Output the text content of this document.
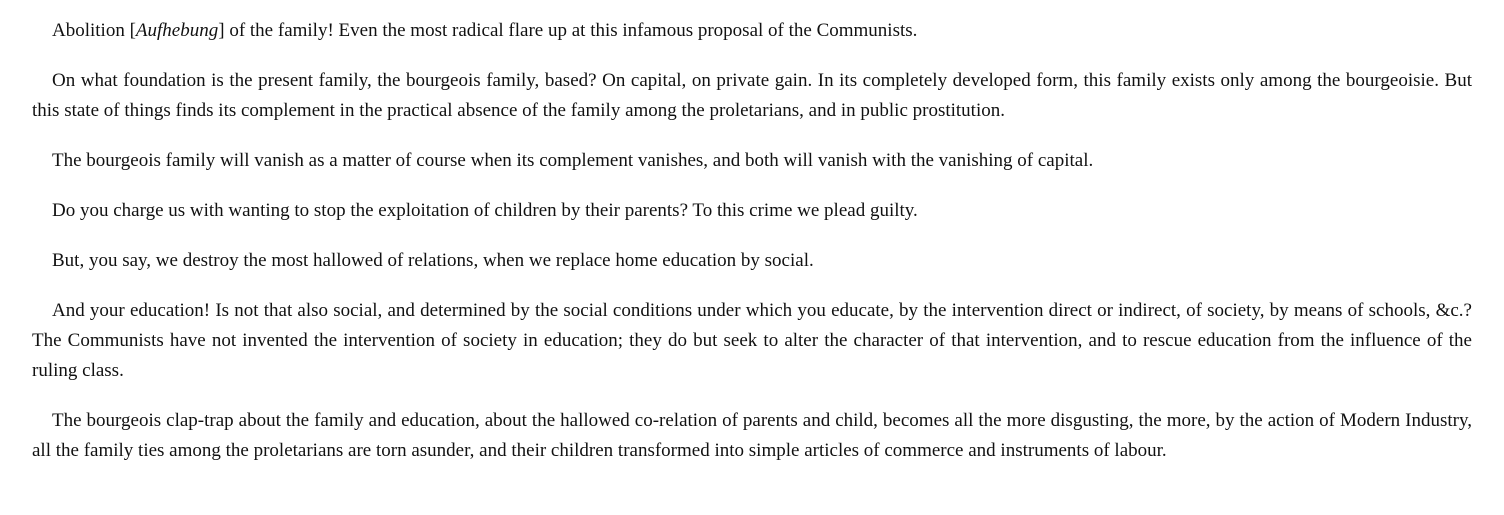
Abolition [Aufhebung] of the family! Even the most radical flare up at this infamous proposal of the Communists.

On what foundation is the present family, the bourgeois family, based? On capital, on private gain. In its completely developed form, this family exists only among the bourgeoisie. But this state of things finds its complement in the practical absence of the family among the proletarians, and in public prostitution.

The bourgeois family will vanish as a matter of course when its complement vanishes, and both will vanish with the vanishing of capital.

Do you charge us with wanting to stop the exploitation of children by their parents? To this crime we plead guilty.

But, you say, we destroy the most hallowed of relations, when we replace home education by social.

And your education! Is not that also social, and determined by the social conditions under which you educate, by the intervention direct or indirect, of society, by means of schools, &c.? The Communists have not invented the intervention of society in education; they do but seek to alter the character of that intervention, and to rescue education from the influence of the ruling class.

The bourgeois clap-trap about the family and education, about the hallowed co-relation of parents and child, becomes all the more disgusting, the more, by the action of Modern Industry, all the family ties among the proletarians are torn asunder, and their children transformed into simple articles of commerce and instruments of labour.
